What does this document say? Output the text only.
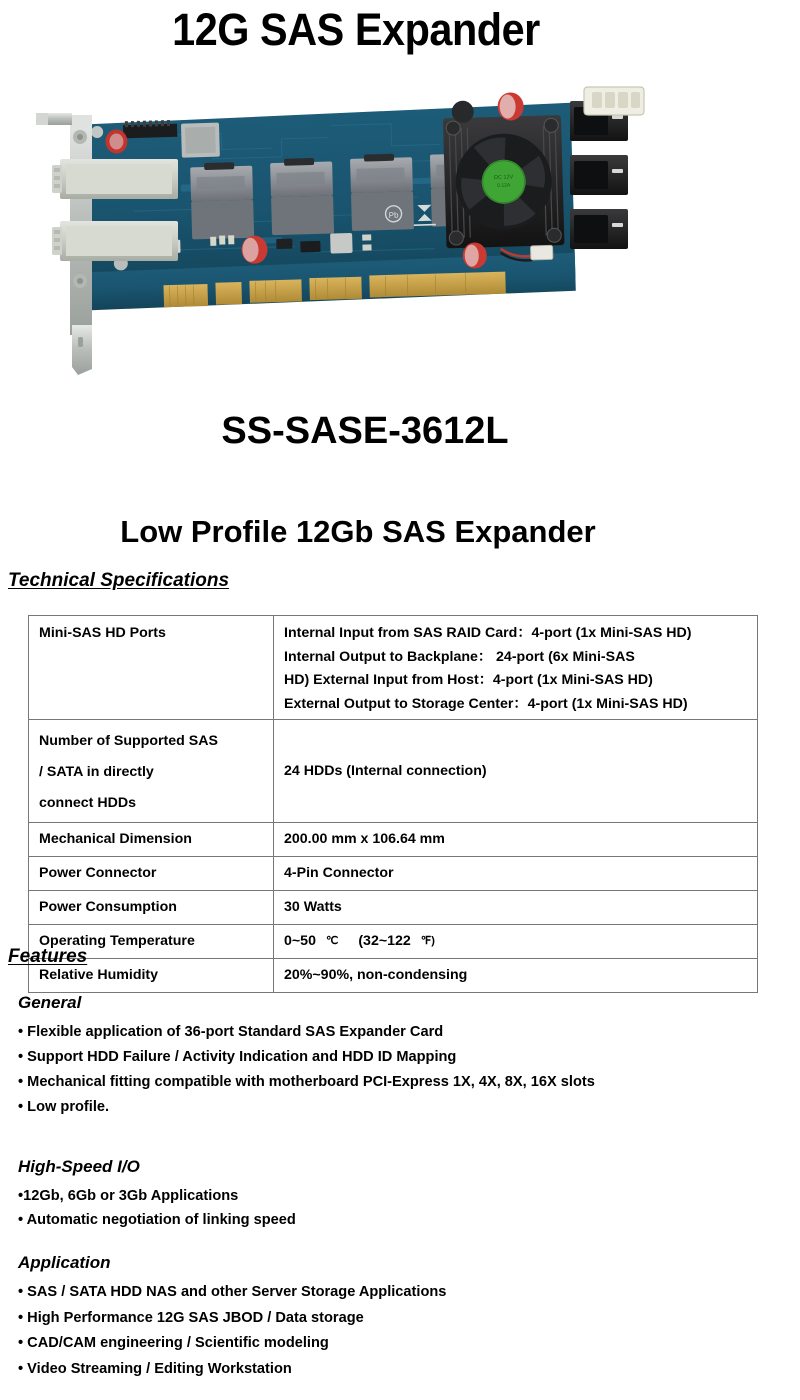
12G SAS Expander
Pb
DC 12V
0.12A
SS-SASE-3612L
Low Profile 12Gb SAS Expander
Technical Specifications
Mini-SAS HD Ports	Internal Input from SAS RAID Card：4-port (1x Mini-SAS HD)
Internal Output to Backplane： 24-port (6x Mini-SAS
HD) External Input from Host：4-port (1x Mini-SAS HD)
External Output to Storage Center：4-port (1x Mini-SAS HD)

Number of Supported SAS
/ SATA in directly
connect HDDs	24 HDDs (Internal connection)
Mechanical Dimension	200.00 mm x 106.64 mm
Power Connector	4-Pin Connector
Power Consumption	30 Watts
Operating Temperature	0~50 ℃ (32~122 ℉)
Relative Humidity	20%~90%, non-condensing
Features
General
• Flexible application of 36-port Standard SAS Expander Card
• Support HDD Failure / Activity Indication and HDD ID Mapping
• Mechanical fitting compatible with motherboard PCI-Express 1X, 4X, 8X, 16X slots
• Low profile.
High-Speed I/O
•12Gb, 6Gb or 3Gb Applications
• Automatic negotiation of linking speed
Application
• SAS / SATA HDD NAS and other Server Storage Applications
• High Performance 12G SAS JBOD / Data storage
• CAD/CAM engineering / Scientific modeling
• Video Streaming / Editing Workstation
